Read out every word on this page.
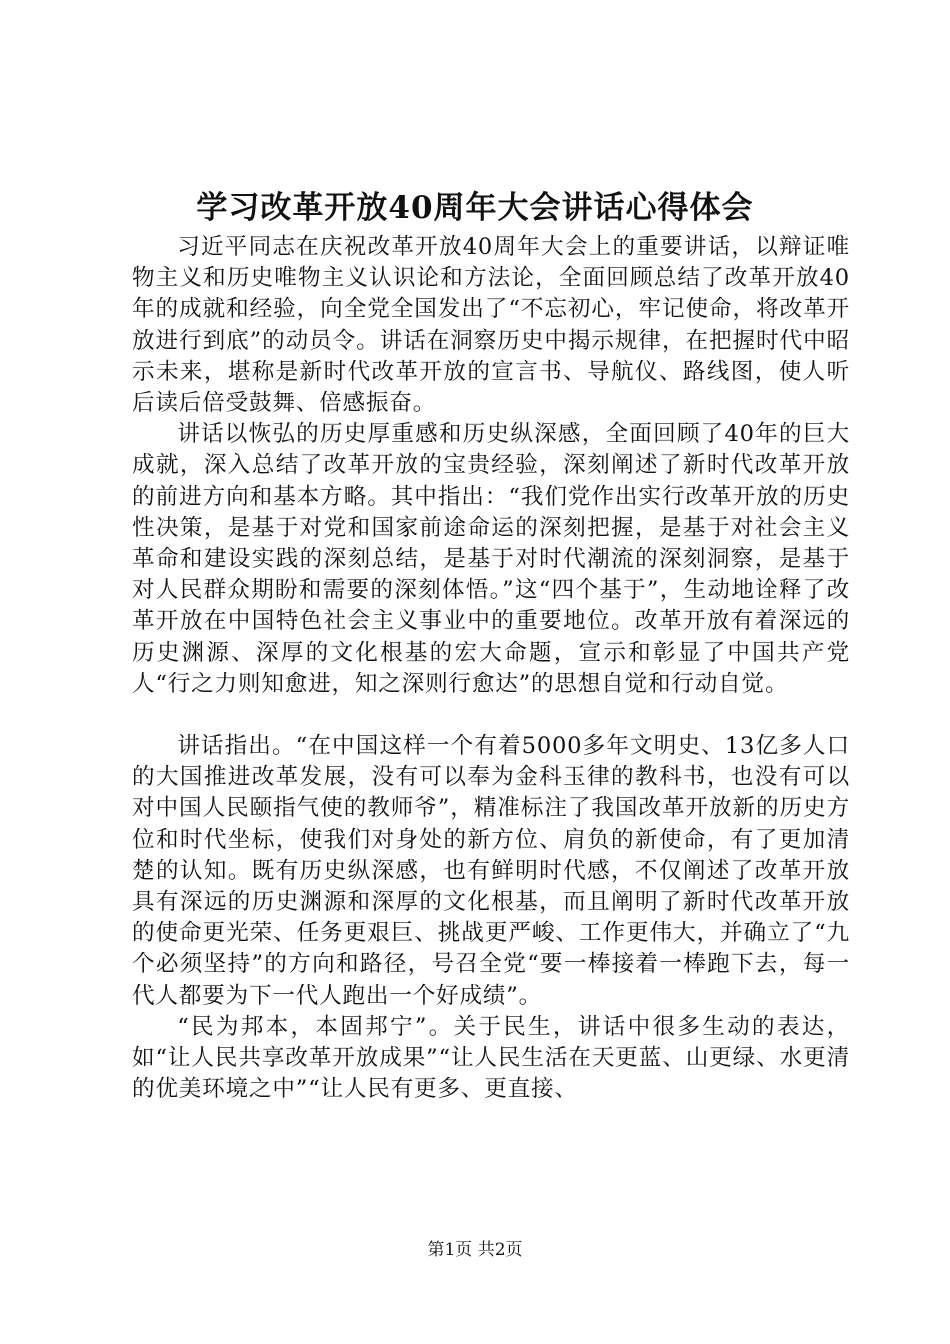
学习改革开放40周年大会讲话心得体会

习近平同志在庆祝改革开放40周年大会上的重要讲话，以辩证唯物主义和历史唯物主义认识论和方法论，全面回顾总结了改革开放40年的成就和经验，向全党全国发出了“不忘初心，牢记使命，将改革开放进行到底”的动员令。讲话在洞察历史中揭示规律，在把握时代中昭示未来，堪称是新时代改革开放的宣言书、导航仪、路线图，使人听后读后倍受鼓舞、倍感振奋。

讲话以恢弘的历史厚重感和历史纵深感，全面回顾了40年的巨大成就，深入总结了改革开放的宝贵经验，深刻阐述了新时代改革开放的前进方向和基本方略。其中指出：“我们党作出实行改革开放的历史性决策，是基于对党和国家前途命运的深刻把握，是基于对社会主义革命和建设实践的深刻总结，是基于对时代潮流的深刻洞察，是基于对人民群众期盼和需要的深刻体悟。”这“四个基于”，生动地诠释了改革开放在中国特色社会主义事业中的重要地位。改革开放有着深远的历史渊源、深厚的文化根基的宏大命题，宣示和彰显了中国共产党人“行之力则知愈进，知之深则行愈达”的思想自觉和行动自觉。

讲话指出。“在中国这样一个有着5000多年文明史、13亿多人口的大国推进改革发展，没有可以奉为金科玉律的教科书，也没有可以对中国人民颐指气使的教师爷”，精准标注了我国改革开放新的历史方位和时代坐标，使我们对身处的新方位、肩负的新使命，有了更加清楚的认知。既有历史纵深感，也有鲜明时代感，不仅阐述了改革开放具有深远的历史渊源和深厚的文化根基，而且阐明了新时代改革开放的使命更光荣、任务更艰巨、挑战更严峻、工作更伟大，并确立了“九个必须坚持”的方向和路径，号召全党“要一棒接着一棒跑下去，每一代人都要为下一代人跑出一个好成绩”。

“民为邦本，本固邦宁”。关于民生，讲话中很多生动的表达，如“让人民共享改革开放成果”“让人民生活在天更蓝、山更绿、水更清的优美环境之中”“让人民有更多、更直接、

第1页 共2页
